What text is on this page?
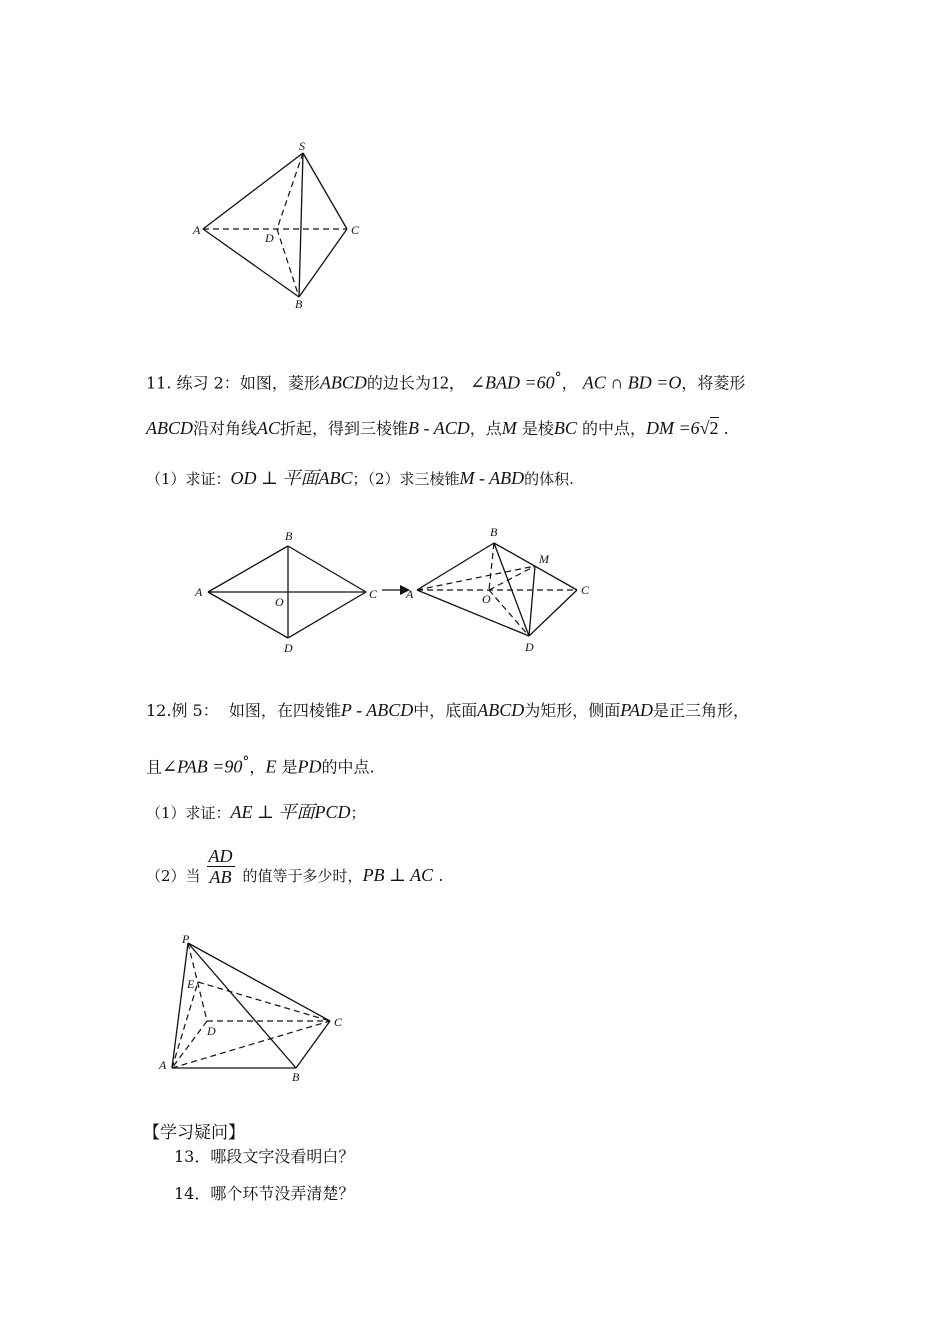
S
A	C
D
B
A
B
C
D
O
A
B
C
D
O
M
P
E
D
C
A
B
11. 练习 2：如图，菱形ABCD的边长为12， ∠BAD =60°， AC ∩ BD =O，将菱形
ABCD沿对角线AC折起，得到三棱锥B - ACD，点M 是棱BC 的中点，DM =6√2 .
（1）求证：OD ⊥ 平面ABC；（2）求三棱锥M - ABD的体积.
12.例 5： 如图，在四棱锥P - ABCD中，底面ABCD为矩形，侧面PAD是正三角形，
且∠PAB =90°，E 是PD的中点.
（1）求证：AE ⊥ 平面PCD；
（2）当 $\frac{AD}{AB}$ 的值等于多少时，PB ⊥ AC .
【学习疑问】
13．哪段文字没看明白？
14．哪个环节没弄清楚？
